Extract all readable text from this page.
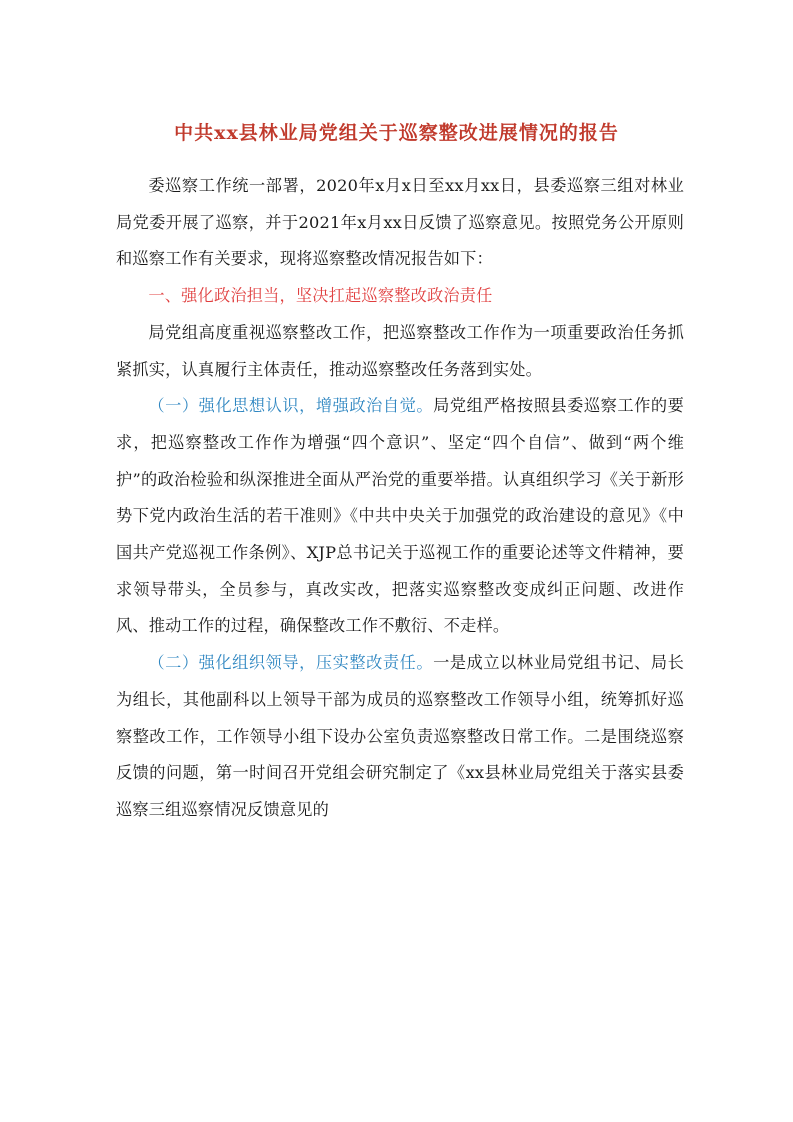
中共xx县林业局党组关于巡察整改进展情况的报告

委巡察工作统一部署，2020年x月x日至xx月xx日，县委巡察三组对林业局党委开展了巡察，并于2021年x月xx日反馈了巡察意见。按照党务公开原则和巡察工作有关要求，现将巡察整改情况报告如下：

一、强化政治担当，坚决扛起巡察整改政治责任

局党组高度重视巡察整改工作，把巡察整改工作作为一项重要政治任务抓紧抓实，认真履行主体责任，推动巡察整改任务落到实处。

（一）强化思想认识，增强政治自觉。局党组严格按照县委巡察工作的要求，把巡察整改工作作为增强“四个意识”、坚定“四个自信”、做到“两个维护”的政治检验和纵深推进全面从严治党的重要举措。认真组织学习《关于新形势下党内政治生活的若干准则》《中共中央关于加强党的政治建设的意见》《中国共产党巡视工作条例》、XJP总书记关于巡视工作的重要论述等文件精神，要求领导带头，全员参与，真改实改，把落实巡察整改变成纠正问题、改进作风、推动工作的过程，确保整改工作不敷衍、不走样。

（二）强化组织领导，压实整改责任。一是成立以林业局党组书记、局长为组长，其他副科以上领导干部为成员的巡察整改工作领导小组，统筹抓好巡察整改工作，工作领导小组下设办公室负责巡察整改日常工作。二是围绕巡察反馈的问题，第一时间召开党组会研究制定了《xx县林业局党组关于落实县委巡察三组巡察情况反馈意见的
